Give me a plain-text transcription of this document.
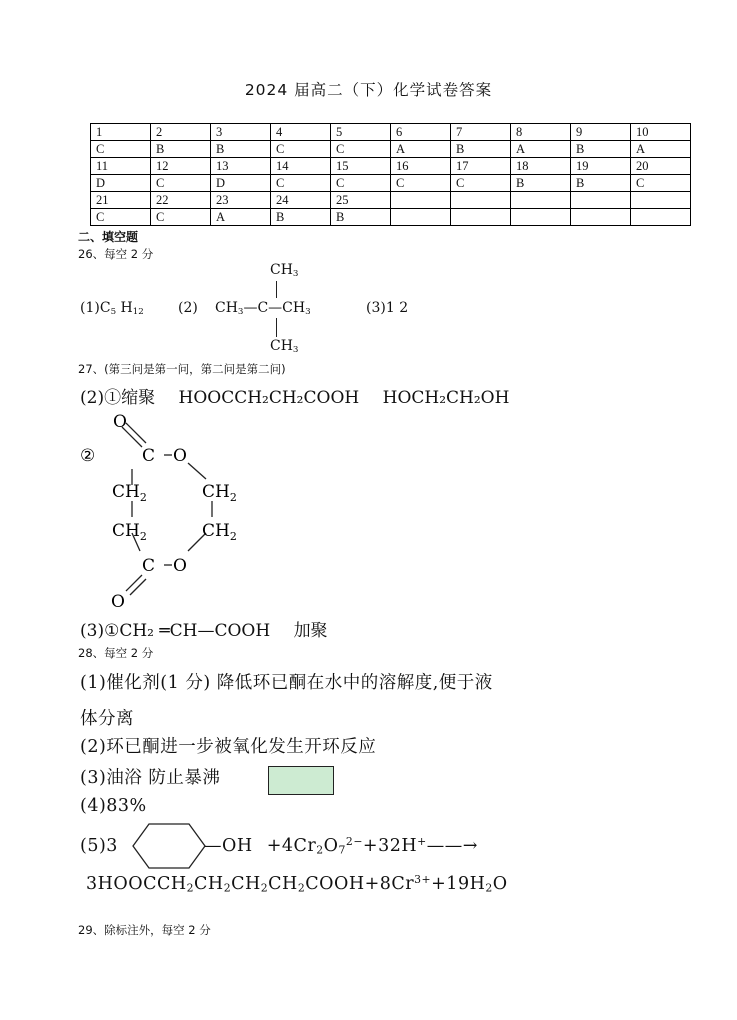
2024 届高二（下）化学试卷答案
1	2	3	4	5	6	7	8	9	10
C	B	B	C	C	A	B	A	B	A
11	12	13	14	15	16	17	18	19	20
D	C	D	C	C	C	C	B	B	C
21	22	23	24	25					
C	C	A	B	B					
二、填空题
26、每空 2 分
$(1)C_5$ $H_{12}$ (2)
$CH_3$
$CH_3—C—CH_3$
$CH_3$
(3)1 2
27、(第三问是第一问，第二问是第二问)
(2)①缩聚 HOOCCH₂CH₂COOH HOCH₂CH₂OH
O
②	C O
$CH_2$	$CH_2$
$CH_2$	$CH_2$
C O
O
(3)①CH₂ ═CH—COOH 加聚
28、每空 2 分
(1)催化剂(1 分) 降低环已酮在水中的溶解度,便于液
体分离
(2)环已酮进一步被氧化发生开环反应
(3)油浴 防止暴沸
(4)83%
(5)3	—OH $+4Cr_2O_7^{2-}+32H^+——\to$
$3HOOCCH_2CH_2CH_2CH_2COOH+8Cr^{3+}+19H_2O$
29、除标注外，每空 2 分
